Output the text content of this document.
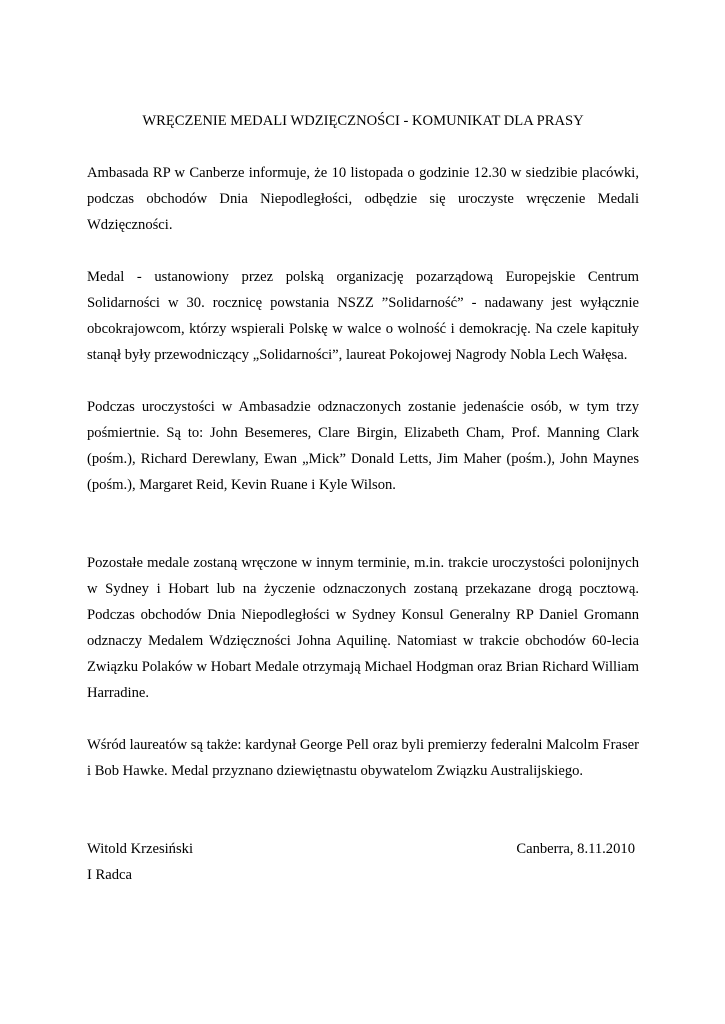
WRĘCZENIE MEDALI WDZIĘCZNOŚCI - KOMUNIKAT DLA PRASY

Ambasada RP w Canberze informuje, że 10 listopada o godzinie 12.30 w siedzibie placówki, podczas obchodów Dnia Niepodległości, odbędzie się uroczyste wręczenie Medali Wdzięczności.

Medal - ustanowiony przez polską organizację pozarządową Europejskie Centrum Solidarności w 30. rocznicę powstania NSZZ ”Solidarność” - nadawany jest wyłącznie obcokrajowcom, którzy wspierali Polskę w walce o wolność i demokrację. Na czele kapituły stanął były przewodniczący „Solidarności”, laureat Pokojowej Nagrody Nobla Lech Wałęsa.

Podczas uroczystości w Ambasadzie odznaczonych zostanie jedenaście osób, w tym trzy pośmiertnie. Są to: John Besemeres, Clare Birgin, Elizabeth Cham, Prof. Manning Clark (pośm.), Richard Derewlany, Ewan „Mick” Donald Letts, Jim Maher (pośm.), John Maynes (pośm.), Margaret Reid, Kevin Ruane i Kyle Wilson.

Pozostałe medale zostaną wręczone w innym terminie, m.in. trakcie uroczystości polonijnych w Sydney i Hobart lub na życzenie odznaczonych zostaną przekazane drogą pocztową. Podczas obchodów Dnia Niepodległości w Sydney Konsul Generalny RP Daniel Gromann odznaczy Medalem Wdzięczności Johna Aquilinę. Natomiast w trakcie obchodów 60-lecia Związku Polaków w Hobart Medale otrzymają Michael Hodgman oraz Brian Richard William Harradine.

Wśród laureatów są także: kardynał George Pell oraz byli premierzy federalni Malcolm Fraser i Bob Hawke. Medal przyznano dziewiętnastu obywatelom Związku Australijskiego.

Witold Krzesiński	Canberra, 8.11.2010

I Radca
